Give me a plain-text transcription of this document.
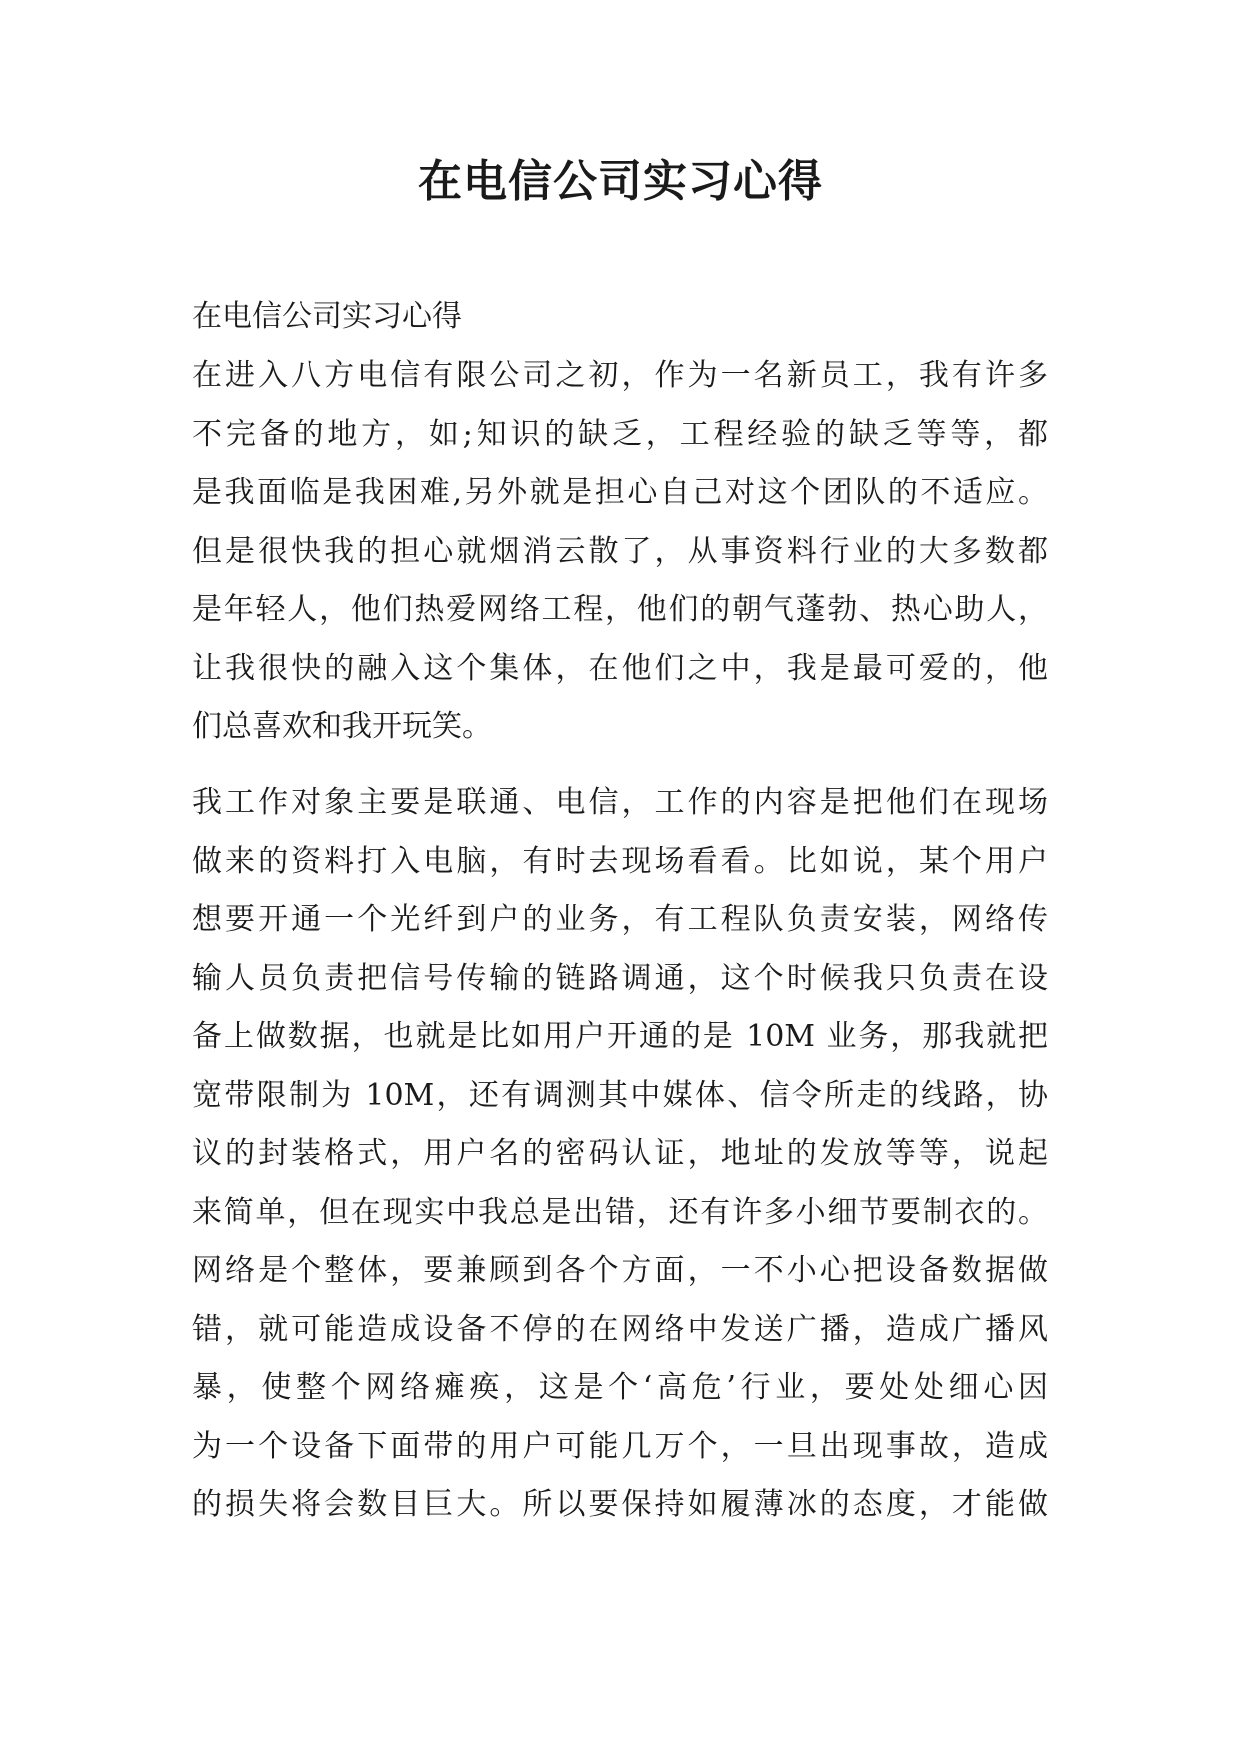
在电信公司实习心得

在电信公司实习心得

在进入八方电信有限公司之初，作为一名新员工，我有许多
不完备的地方，如;知识的缺乏，工程经验的缺乏等等，都
是我面临是我困难,另外就是担心自己对这个团队的不适应。
但是很快我的担心就烟消云散了，从事资料行业的大多数都
是年轻人，他们热爱网络工程，他们的朝气蓬勃、热心助人，
让我很快的融入这个集体，在他们之中，我是最可爱的，他
们总喜欢和我开玩笑。
我工作对象主要是联通、电信，工作的内容是把他们在现场
做来的资料打入电脑，有时去现场看看。比如说，某个用户
想要开通一个光纤到户的业务，有工程队负责安装，网络传
输人员负责把信号传输的链路调通，这个时候我只负责在设
备上做数据，也就是比如用户开通的是 10M 业务，那我就把
宽带限制为 10M，还有调测其中媒体、信令所走的线路，协
议的封装格式，用户名的密码认证，地址的发放等等，说起
来简单，但在现实中我总是出错，还有许多小细节要制衣的。
网络是个整体，要兼顾到各个方面，一不小心把设备数据做
错，就可能造成设备不停的在网络中发送广播，造成广播风
暴，使整个网络瘫痪，这是个‘高危’行业，要处处细心因
为一个设备下面带的用户可能几万个，一旦出现事故，造成
的损失将会数目巨大。所以要保持如履薄冰的态度，才能做
